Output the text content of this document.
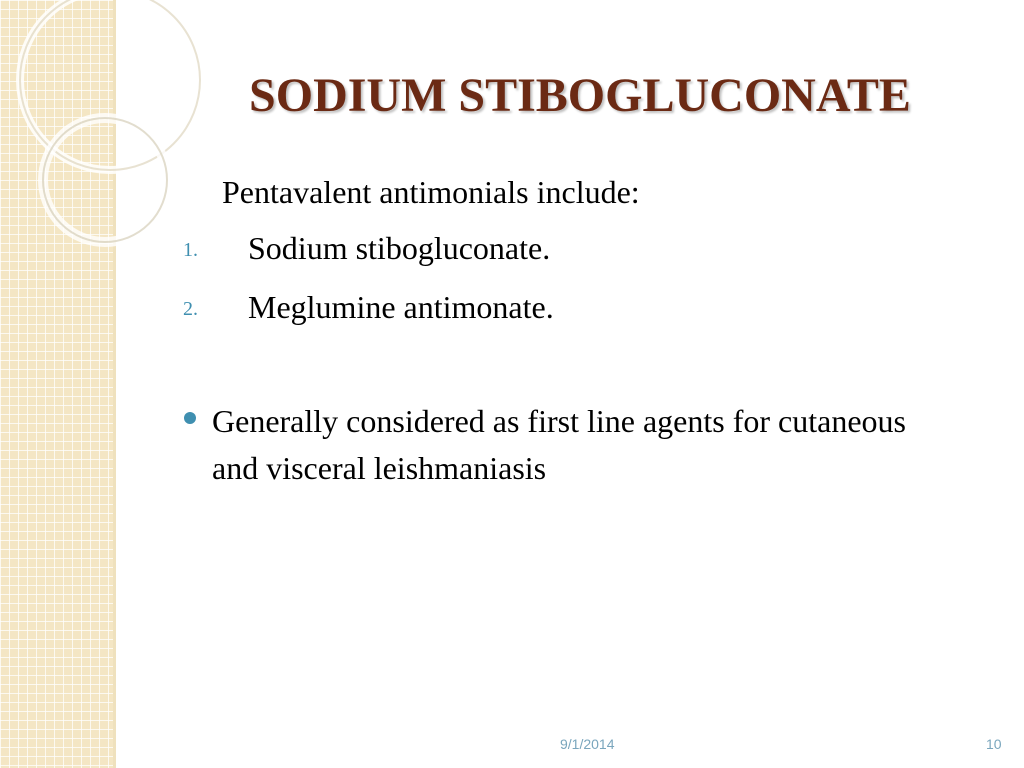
SODIUM STIBOGLUCONATE
Pentavalent antimonials include:
1. Sodium stibogluconate.
2. Meglumine antimonate.
Generally considered as first line agents for cutaneous and visceral leishmaniasis
9/1/2014	10
